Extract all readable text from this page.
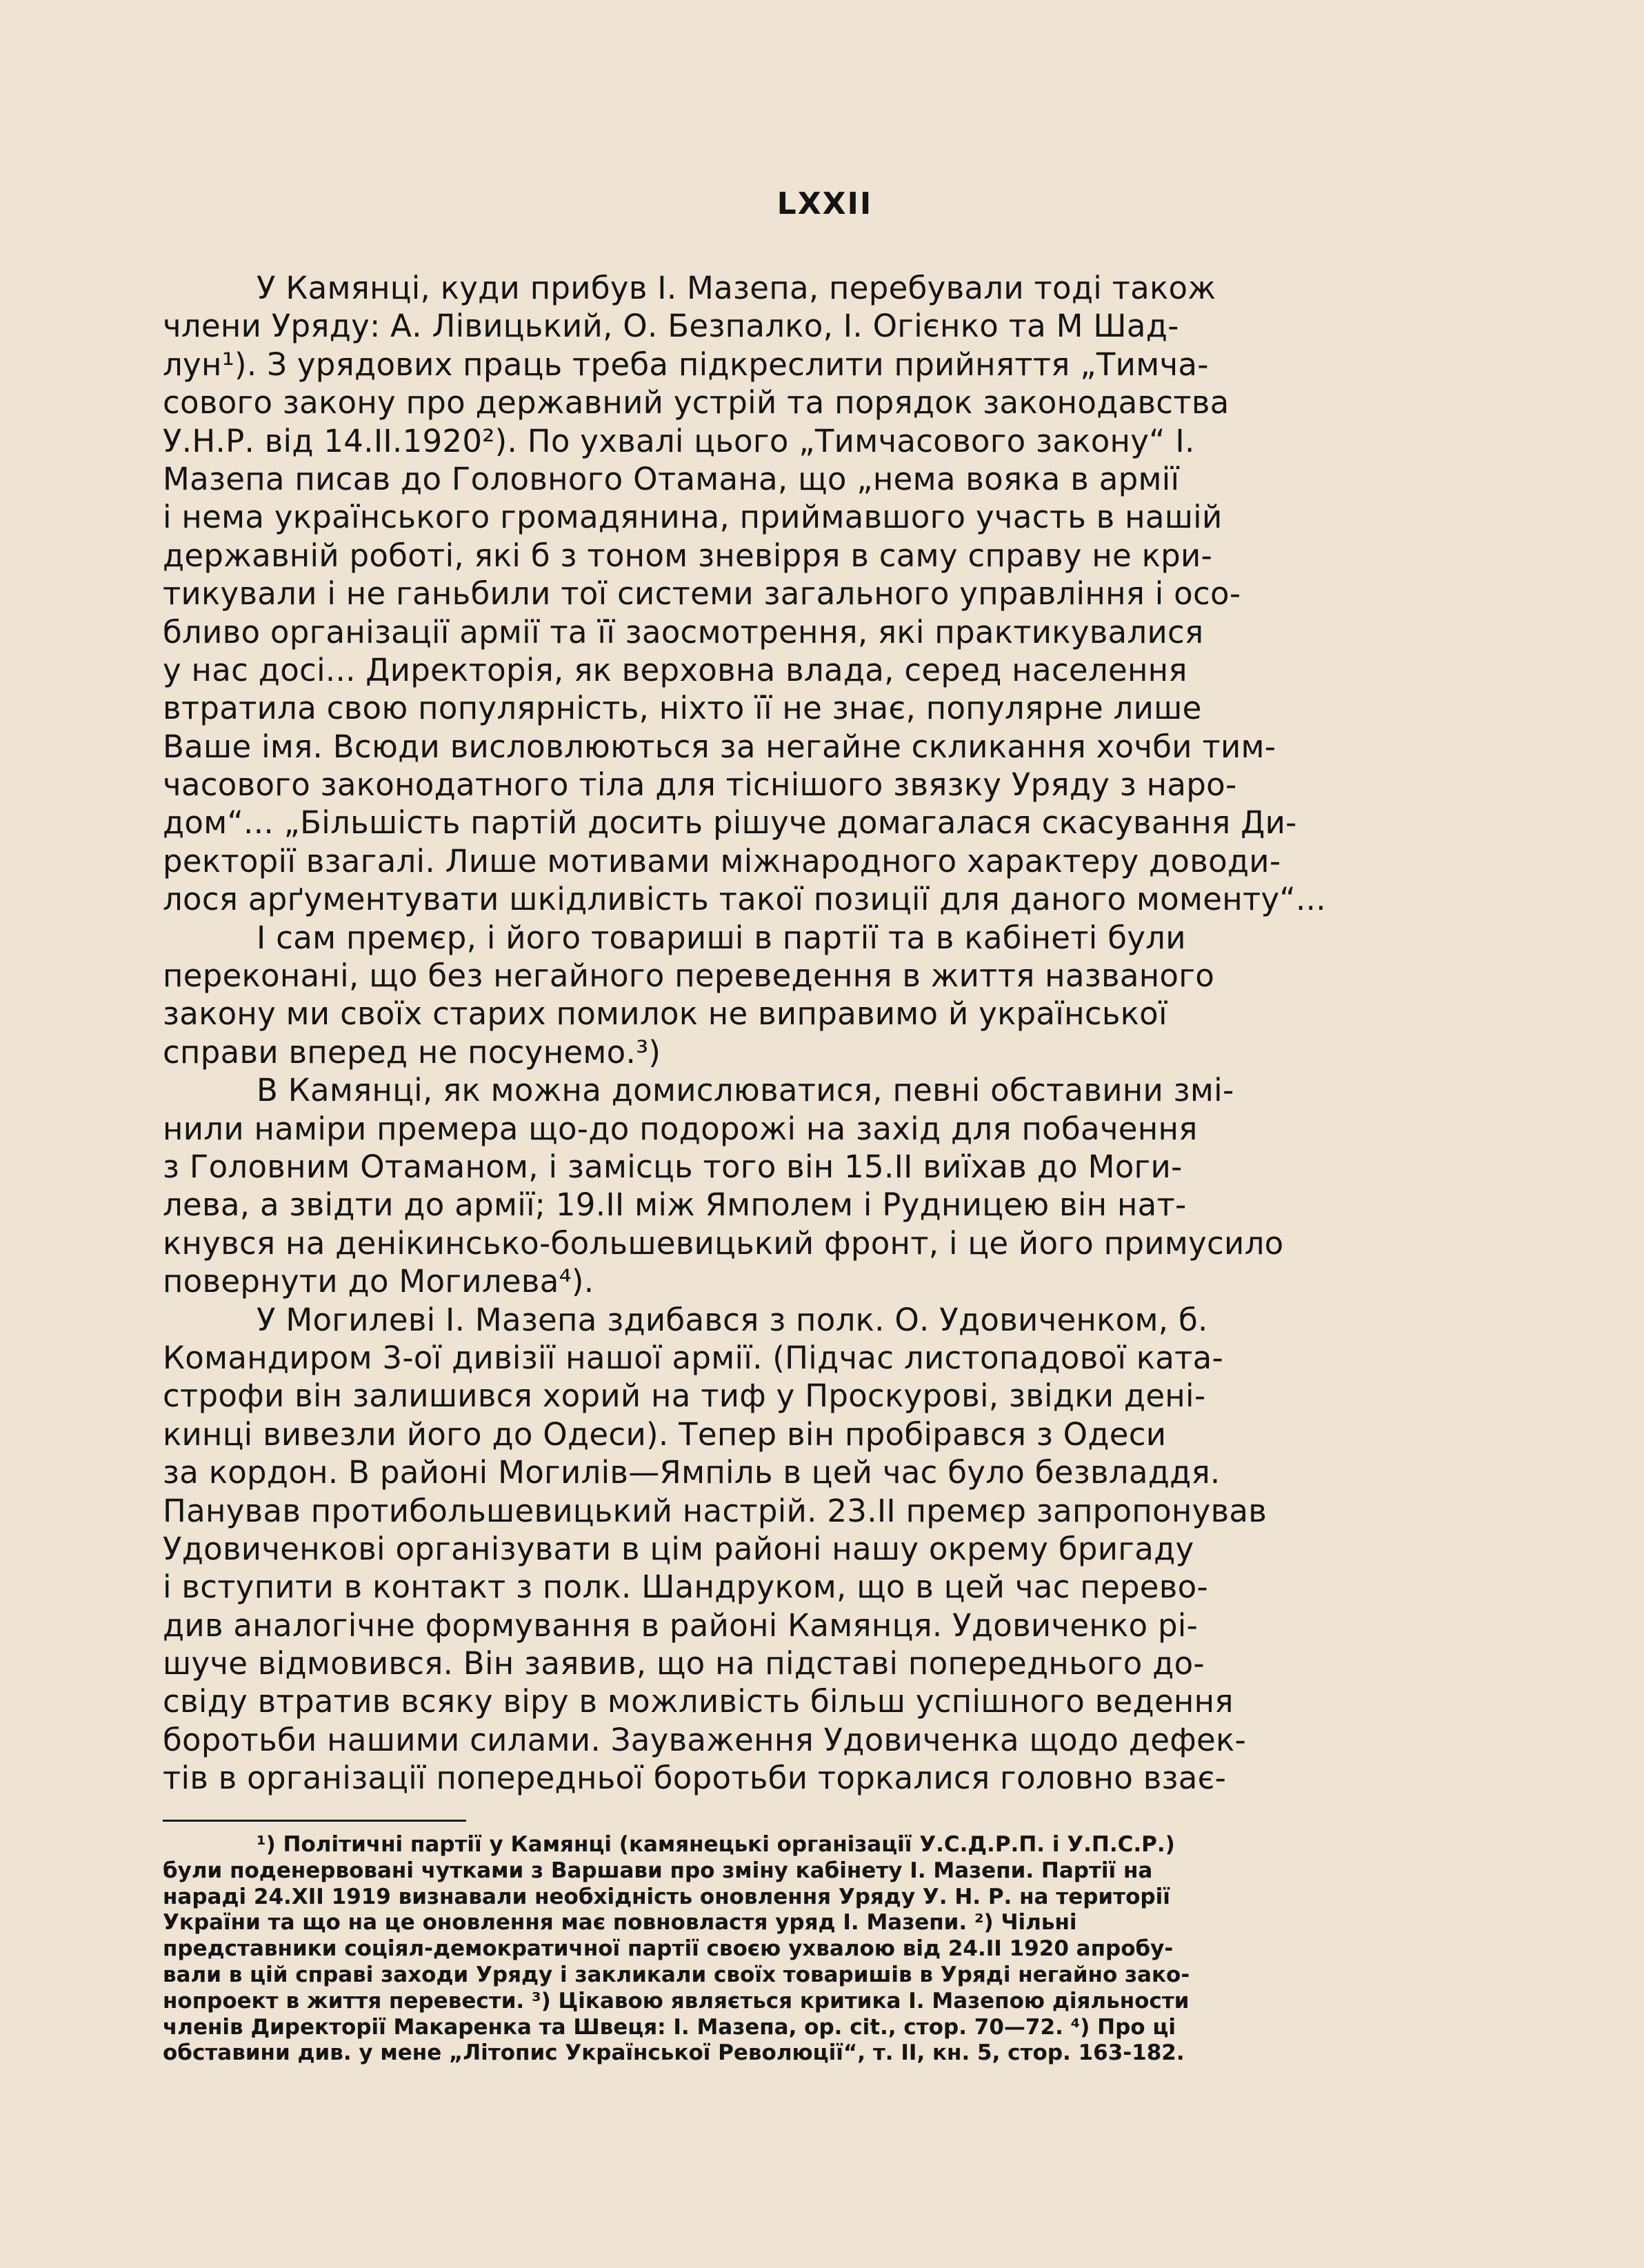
LXXII
У Камянці, куди прибув І. Мазепа, перебували тоді також
члени Уряду: А. Лівицький, О. Безпалко, І. Огієнко та М Шад-
лун¹). З урядових праць треба підкреслити прийняття „Тимча-
сового закону про державний устрій та порядок законодавства
У.Н.Р. від 14.II.1920²). По ухвалі цього „Тимчасового закону“ І.
Мазепа писав до Головного Отамана, що „нема вояка в армії
і нема українського громадянина, приймавшого участь в нашій
державній роботі, які б з тоном зневірря в саму справу не кри-
тикували і не ганьбили тої системи загального управління і осо-
бливо організації армії та її заосмотрення, які практикувалися
у нас досі... Директорія, як верховна влада, серед населення
втратила свою популярність, ніхто її не знає, популярне лише
Ваше імя. Всюди висловлюються за негайне скликання хочби тим-
часового законодатного тіла для тіснішого звязку Уряду з наро-
дом“... „Більшість партій досить рішуче домагалася скасування Ди-
ректорії взагалі. Лише мотивами міжнародного характеру доводи-
лося арґументувати шкідливість такої позиції для даного моменту“...
І сам премєр, і його товариші в партії та в кабінеті були
переконані, що без негайного переведення в життя названого
закону ми своїх старих помилок не виправимо й української
справи вперед не посунемо.³)
В Камянці, як можна домислюватися, певні обставини змі-
нили наміри премера що-до подорожі на захід для побачення
з Головним Отаманом, і замісць того він 15.II виїхав до Моги-
лева, а звідти до армії; 19.II між Ямполем і Рудницею він нат-
кнувся на денікинсько-большевицький фронт, і це його примусило
повернути до Могилева⁴).
У Могилеві І. Мазепа здибався з полк. О. Удовиченком, б.
Командиром 3-ої дивізії нашої армії. (Підчас листопадової ката-
строфи він залишився хорий на тиф у Проскурові, звідки дені-
кинці вивезли його до Одеси). Тепер він пробірався з Одеси
за кордон. В районі Могилів—Ямпіль в цей час було безвладдя.
Панував протибольшевицький настрій. 23.II премєр запропонував
Удовиченкові організувати в цім районі нашу окрему бригаду
і вступити в контакт з полк. Шандруком, що в цей час перево-
див аналогічне формування в районі Камянця. Удовиченко рі-
шуче відмовився. Він заявив, що на підставі попереднього до-
свіду втратив всяку віру в можливість більш успішного ведення
боротьби нашими силами. Зауваження Удовиченка щодо дефек-
тів в організації попередньої боротьби торкалися головно взає-
¹) Політичні партії у Камянці (камянецькі організації У.С.Д.Р.П. і У.П.С.Р.)
були поденервовані чутками з Варшави про зміну кабінету І. Мазепи. Партії на
нараді 24.XII 1919 визнавали необхідність оновлення Уряду У. Н. Р. на території
України та що на це оновлення має повновластя уряд І. Мазепи. ²) Чільні
представники соціял-демократичної партії своєю ухвалою від 24.II 1920 апробу-
вали в цій справі заходи Уряду і закликали своїх товаришів в Уряді негайно зако-
нопроект в життя перевести. ³) Цікавою являється критика І. Мазепою діяльности
членів Директорії Макаренка та Швеця: І. Мазепа, op. cit., стор. 70—72. ⁴) Про ці
обставини див. у мене „Літопис Української Революції“, т. II, кн. 5, стор. 163-182.
